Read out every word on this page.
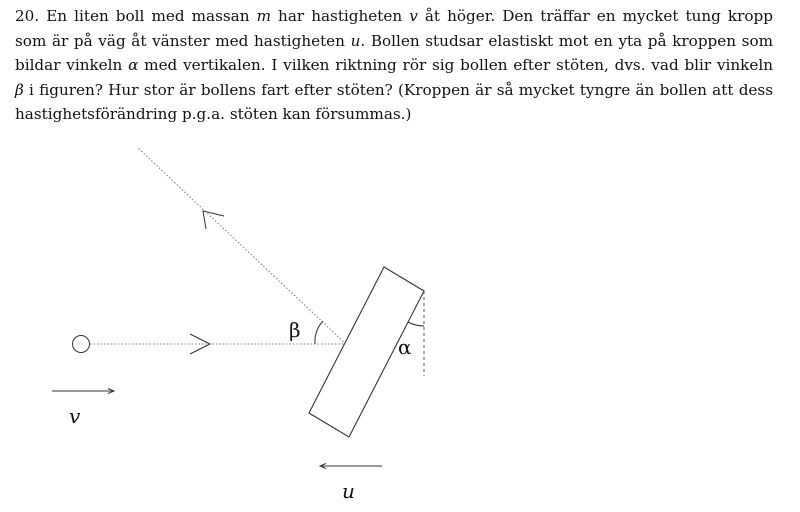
20. En liten boll med massan m har hastigheten v åt höger. Den träffar en mycket tung kropp
som är på väg åt vänster med hastigheten u. Bollen studsar elastiskt mot en yta på kroppen som
bildar vinkeln α med vertikalen. I vilken riktning rör sig bollen efter stöten, dvs. vad blir vinkeln
β i figuren? Hur stor är bollens fart efter stöten? (Kroppen är så mycket tyngre än bollen att dess
hastighetsförändring p.g.a. stöten kan försummas.)
β
α
v
u
